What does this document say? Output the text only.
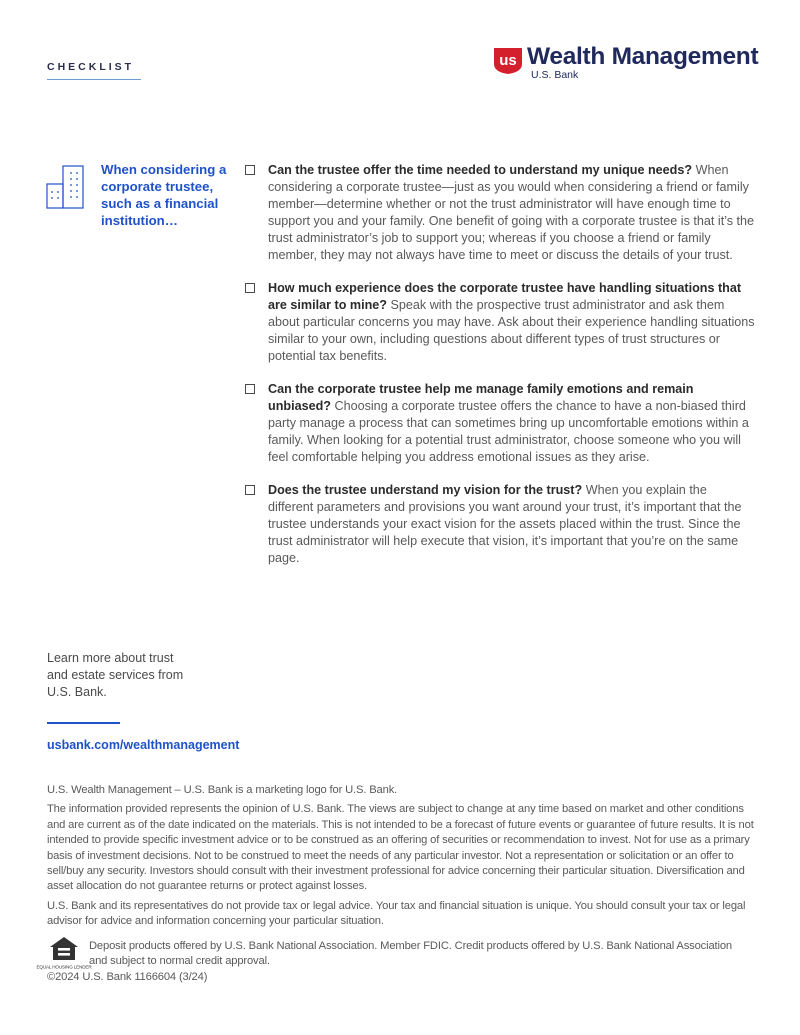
CHECKLIST	us Wealth Management
U.S. Bank
When considering a corporate trustee, such as a financial institution…
Can the trustee offer the time needed to understand my unique needs? When considering a corporate trustee—just as you would when considering a friend or family member—determine whether or not the trust administrator will have enough time to support you and your family. One benefit of going with a corporate trustee is that it’s the trust administrator’s job to support you; whereas if you choose a friend or family member, they may not always have time to meet or discuss the details of your trust.
How much experience does the corporate trustee have handling situations that are similar to mine? Speak with the prospective trust administrator and ask them about particular concerns you may have. Ask about their experience handling situations similar to your own, including questions about different types of trust structures or potential tax benefits.
Can the corporate trustee help me manage family emotions and remain unbiased? Choosing a corporate trustee offers the chance to have a non-biased third party manage a process that can sometimes bring up uncomfortable emotions within a family. When looking for a potential trust administrator, choose someone who you will feel comfortable helping you address emotional issues as they arise.
Does the trustee understand my vision for the trust? When you explain the different parameters and provisions you want around your trust, it’s important that the trustee understands your exact vision for the assets placed within the trust. Since the trust administrator will help execute that vision, it’s important that you’re on the same page.
Learn more about trust and estate services from U.S. Bank.
usbank.com/wealthmanagement

U.S. Wealth Management – U.S. Bank is a marketing logo for U.S. Bank.

The information provided represents the opinion of U.S. Bank. The views are subject to change at any time based on market and other conditions and are current as of the date indicated on the materials. This is not intended to be a forecast of future events or guarantee of future results. It is not intended to provide specific investment advice or to be construed as an offering of securities or recommendation to invest. Not for use as a primary basis of investment decisions. Not to be construed to meet the needs of any particular investor. Not a representation or solicitation or an offer to sell/buy any security. Investors should consult with their investment professional for advice concerning their particular situation. Diversification and asset allocation do not guarantee returns or protect against losses.

U.S. Bank and its representatives do not provide tax or legal advice. Your tax and financial situation is unique. You should consult your tax or legal advisor for advice and information concerning your particular situation.

EQUAL HOUSING LENDER
Deposit products offered by U.S. Bank National Association. Member FDIC. Credit products offered by U.S. Bank National Association and subject to normal credit approval.

©2024 U.S. Bank 1166604 (3/24)
